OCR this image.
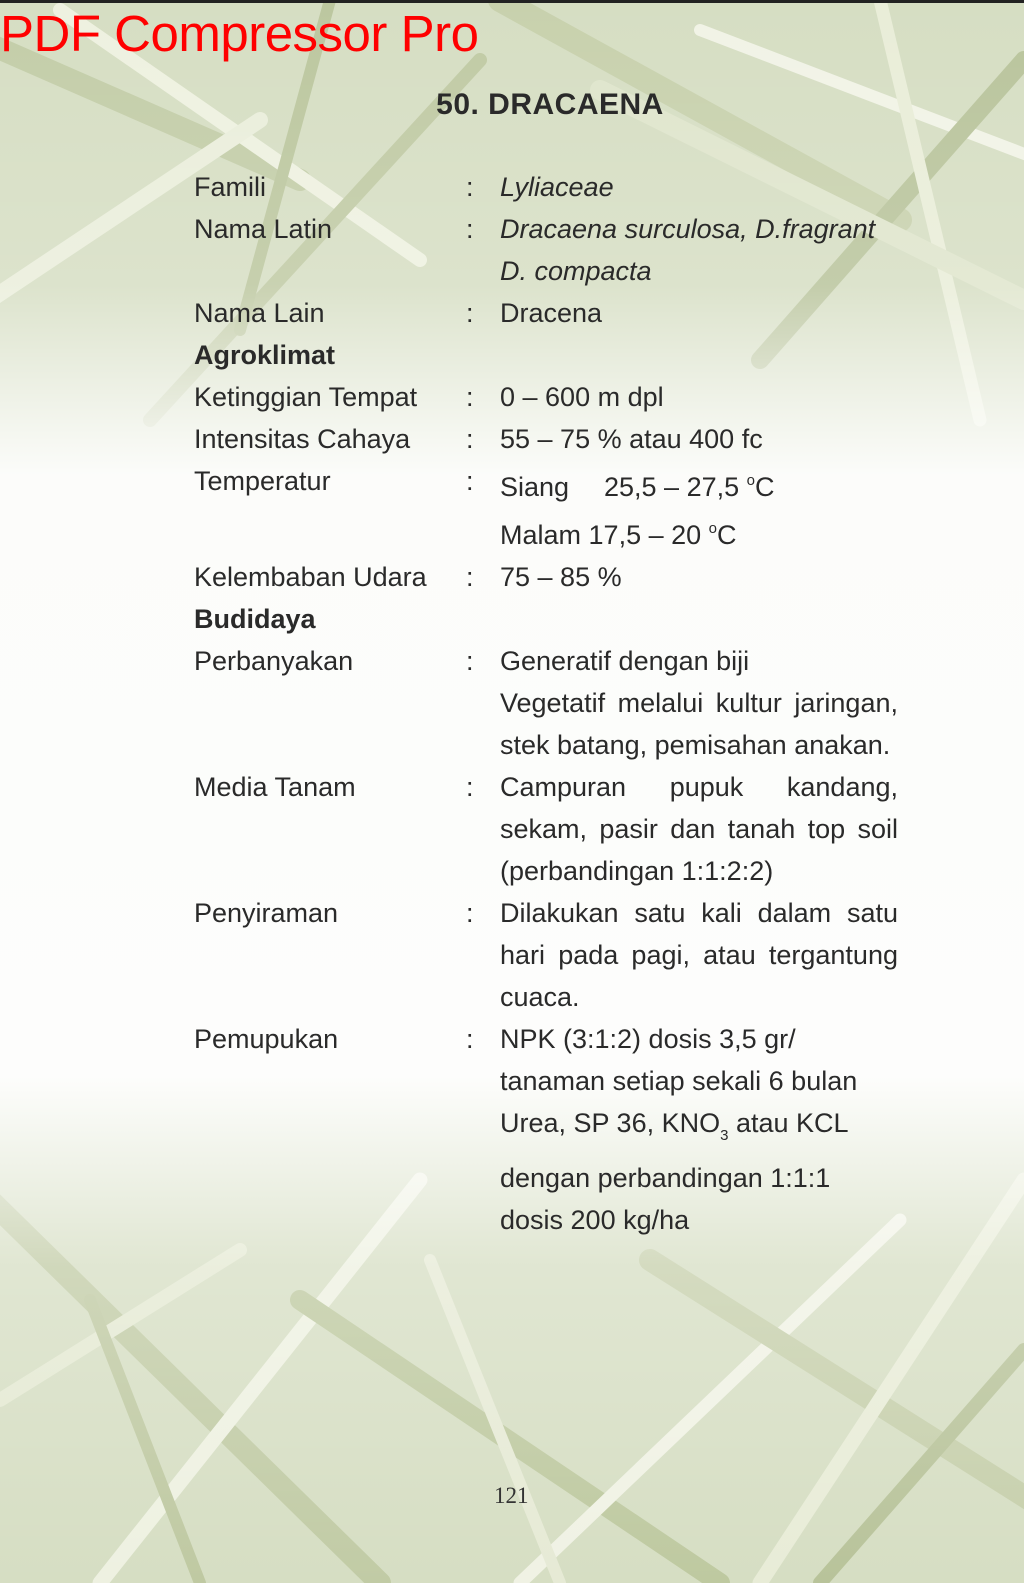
PDF Compressor Pro
50. DRACAENA
Famili	: Lyliaceae
Nama Latin	: Dracaena surculosa, D.fragrant
D. compacta
Nama Lain	: Dracena
Agroklimat
Ketinggian Tempat	: 0 – 600 m dpl
Intensitas Cahaya	: 55 – 75 % atau 400 fc
Temperatur	: Siang 25,5 – 27,5 $^o$C
Malam 17,5 – 20 $^o$C
Kelembaban Udara	: 75 – 85 %
Budidaya
Perbanyakan	: Generatif dengan biji
Vegetatif melalui kultur jaringan, stek batang, pemisahan anakan.
Media Tanam	: Campuran pupuk kandang, sekam, pasir dan tanah top soil (perbandingan 1:1:2:2)
Penyiraman	: Dilakukan satu kali dalam satu hari pada pagi, atau tergantung cuaca.
Pemupukan	: NPK (3:1:2) dosis 3,5 gr/
tanaman setiap sekali 6 bulan
Urea, SP 36, $KNO_3$ atau KCL
dengan perbandingan 1:1:1
dosis 200 kg/ha
121
